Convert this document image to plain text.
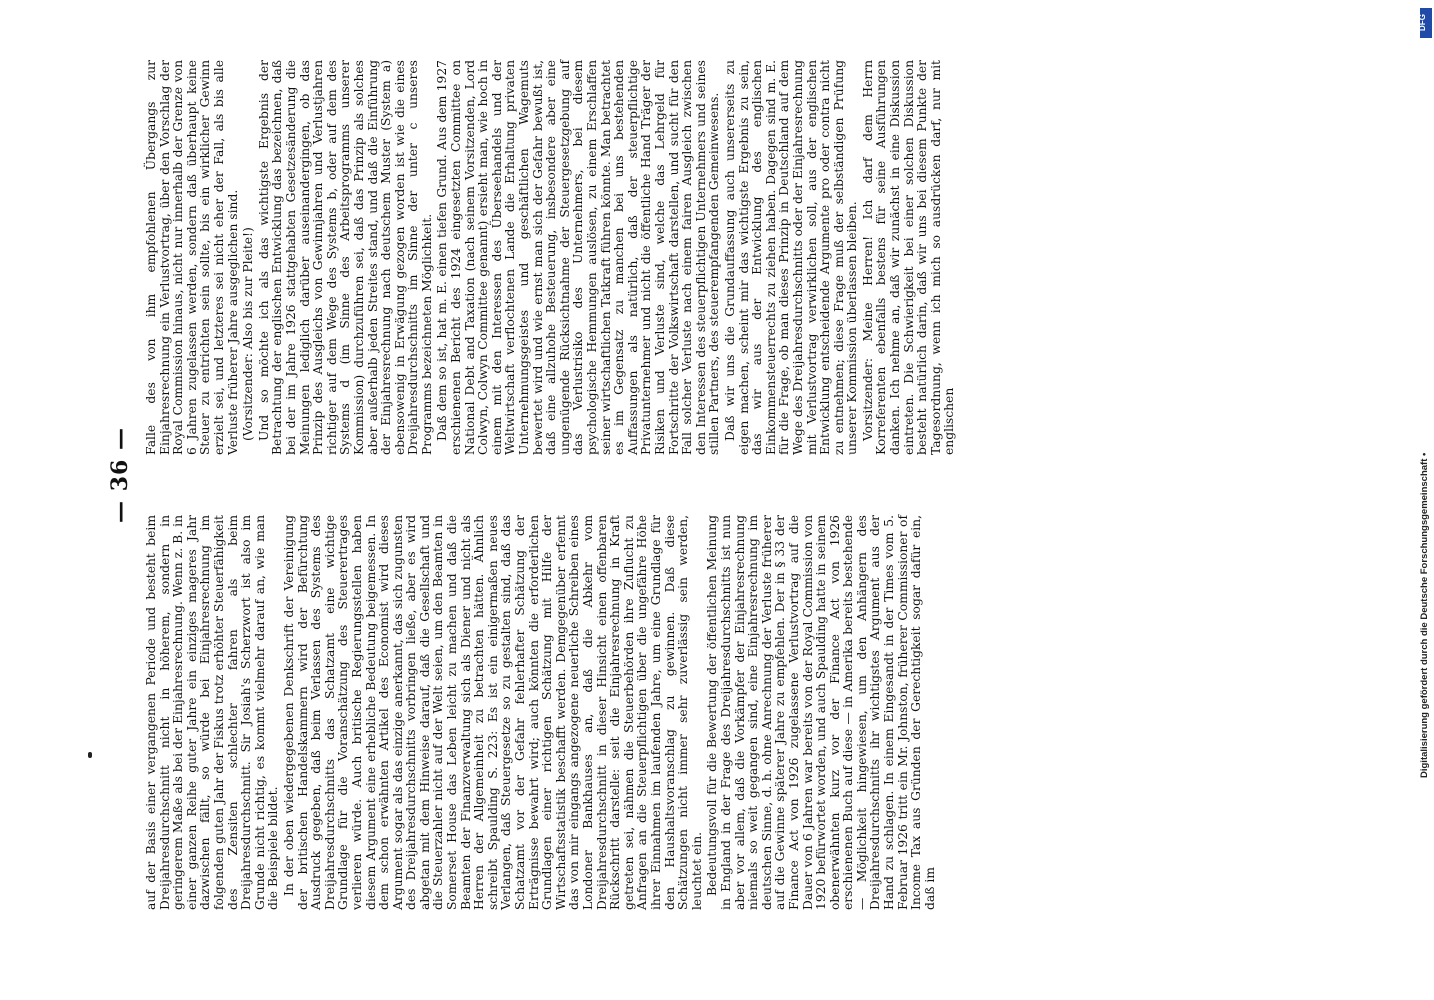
— 36 —

auf der Basis einer vergangenen Periode und besteht beim Dreijahresdurchschnitt nicht in höherem, sondern in geringerem Maße als bei der Einjahresrechnung. Wenn z. B. in einer ganzen Reihe guter Jahre ein einziges mageres Jahr dazwischen fällt, so würde bei Einjahresrechnung im folgenden guten Jahr der Fiskus trotz erhöhter Steuerfähigkeit des Zensiten schlechter fahren als beim Dreijahresdurchschnitt. Sir Josiah's Scherzwort ist also im Grunde nicht richtig, es kommt vielmehr darauf an, wie man die Beispiele bildet. In der oben wiedergegebenen Denkschrift der Vereinigung der britischen Handelskammern wird der Befürchtung Ausdruck gegeben, daß beim Verlassen des Systems des Dreijahresdurchschnitts das Schatzamt eine wichtige Grundlage für die Voranschätzung des Steuerertrages verlieren würde. Auch britische Regierungsstellen haben diesem Argument eine erhebliche Bedeutung beigemessen. In dem schon erwähnten Artikel des Economist wird dieses Argument sogar als das einzige anerkannt, das sich zugunsten des Dreijahresdurchschnitts vorbringen ließe, aber es wird abgetan mit dem Hinweise darauf, daß die Gesellschaft und die Steuerzahler nicht auf der Welt seien, um den Beamten in Somerset House das Leben leicht zu machen und daß die Beamten der Finanzverwaltung sich als Diener und nicht als Herren der Allgemeinheit zu betrachten hätten. Ähnlich schreibt Spaulding S. 223: Es ist ein einigermaßen neues Verlangen, daß Steuergesetze so zu gestalten sind, daß das Schatzamt vor der Gefahr fehlerhafter Schätzung der Erträgnisse bewahrt wird; auch könnten die erforderlichen Grundlagen einer richtigen Schätzung mit Hilfe der Wirtschaftsstatistik beschafft werden. Demgegenüber erfennt das von mir eingangs angezogene neuerliche Schreiben eines Londoner Bankhauses an, daß die Abkehr vom Dreijahresdurchschnitt in dieser Hinsicht einen offenbaren Rückschritt darstelle: seit die Einjahresrechnung in Kraft getreten sei, nähmen die Steuerbehörden ihre Zuflucht zu Anfragen an die Steuerpflichtigen über die ungefähre Höhe ihrer Einnahmen im laufenden Jahre, um eine Grundlage für den Haushaltsvoranschlag zu gewinnen. Daß diese Schätzungen nicht immer sehr zuverlässig sein werden, leuchtet ein. Bedeutungsvoll für die Bewertung der öffentlichen Meinung in England in der Frage des Dreijahresdurchschnitts ist nun aber vor allem, daß die Vorkämpfer der Einjahresrechnung niemals so weit gegangen sind, eine Einjahresrechnung im deutschen Sinne, d. h. ohne Anrechnung der Verluste früherer auf die Gewinne späterer Jahre zu empfehlen. Der in § 33 der Finance Act von 1926 zugelassene Verlustvortrag auf die Dauer von 6 Jahren war bereits von der Royal Commission von 1920 befürwortet worden, und auch Spaulding hatte in seinem obenerwähnten kurz vor der Finance Act von 1926 erschienenen Buch auf diese — in Amerika bereits bestehende — Möglichkeit hingewiesen, um den Anhängern des Dreijahresdurchschnitts ihr wichtigstes Argument aus der Hand zu schlagen. In einem Eingesandt in der Times vom 5. Februar 1926 tritt ein Mr. Johnston, früherer Commissioner of Income Tax aus Gründen der Gerechtigkeit sogar dafür ein, daß im

Falle des von ihm empfohlenen Übergangs zur Einjahresrechnung ein Verlustvortrag, über den Vorschlag der Royal Commission hinaus, nicht nur innerhalb der Grenze von 6 Jahren zugelassen werden, sondern daß überhaupt keine Steuer zu entrichten sein sollte, bis ein wirklicher Gewinn erzielt sei, und letzteres sei nicht eher der Fall, als bis alle Verluste früherer Jahre ausgeglichen sind. (Vorsitzender: Also bis zur Pleite!) Und so möchte ich als das wichtigste Ergebnis der Betrachtung der englischen Entwicklung das bezeichnen, daß bei der im Jahre 1926 stattgehabten Gesetzesänderung die Meinungen lediglich darüber auseinandergingen, ob das Prinzip des Ausgleichs von Gewinnjahren und Verlustjahren richtiger auf dem Wege des Systems b, oder auf dem des Systems d (im Sinne des Arbeitsprogramms unserer Kommission) durchzuführen sei, daß das Prinzip als solches aber außerhalb jeden Streites stand, und daß die Einführung der Einjahresrechnung nach deutschem Muster (System a) ebensowenig in Erwägung gezogen worden ist wie die eines Dreijahresdurchschnitts im Sinne der unter c unseres Programms bezeichneten Möglichkeit. Daß dem so ist, hat m. E. einen tiefen Grund. Aus dem 1927 erschienenen Bericht des 1924 eingesetzten Committee on National Debt and Taxation (nach seinem Vorsitzenden, Lord Colwyn, Colwyn Committee genannt) ersieht man, wie hoch in einem mit den Interessen des Überseehandels und der Weltwirtschaft verflochtenen Lande die Erhaltung privaten Unternehmungsgeistes und geschäftlichen Wagemuts bewertet wird und wie ernst man sich der Gefahr bewußt ist, daß eine allzuhohe Besteuerung, insbesondere aber eine ungenügende Rücksichtnahme der Steuergesetzgebung auf das Verlustrisiko des Unternehmers, bei diesem psychologische Hemmungen auslösen, zu einem Erschlaffen seiner wirtschaftlichen Tatkraft führen könnte. Man betrachtet es im Gegensatz zu manchen bei uns bestehenden Auffassungen als natürlich, daß der steuerpflichtige Privatunternehmer und nicht die öffentliche Hand Träger der Risiken und Verluste sind, welche das Lehrgeld für Fortschritte der Volkswirtschaft darstellen, und sucht für den Fall solcher Verluste nach einem fairen Ausgleich zwischen den Interessen des steuerpflichtigen Unternehmers und seines stillen Partners, des steuerempfangenden Gemeinwesens. Daß wir uns die Grundauffassung auch unsererseits zu eigen machen, scheint mir das wichtigste Ergebnis zu sein, das wir aus der Entwicklung des englischen Einkommensteuerrechts zu ziehen haben. Dagegen sind m. E. für die Frage, ob man dieses Prinzip in Deutschland auf dem Wege des Dreijahresdurchschnitts oder der Einjahresrechnung mit Verlustvortrag verwirklichen soll, aus der englischen Entwicklung entscheidende Argumente pro oder contra nicht zu entnehmen; diese Frage muß der selbständigen Prüfung unserer Kommission überlassen bleiben. Vorsitzender: Meine Herren! Ich darf dem Herrn Korreferenten ebenfalls bestens für seine Ausführungen danken. Ich nehme an, daß wir zunächst in eine Diskussion eintreten. Die Schwierigkeit bei einer solchen Diskussion besteht natürlich darin, daß wir uns bei diesem Punkte der Tagesordnung, wenn ich mich so ausdrücken darf, nur mit englischen

Digitalisierung gefördert durch die Deutsche Forschungsgemeinschaft •
DFG
